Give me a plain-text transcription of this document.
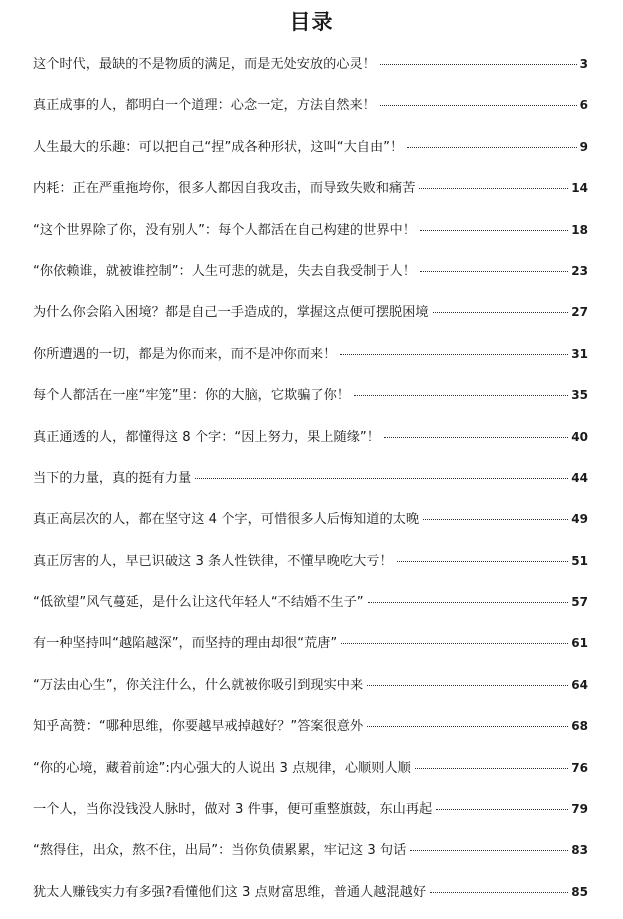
目录
这个时代，最缺的不是物质的满足，而是无处安放的心灵！	3
真正成事的人，都明白一个道理：心念一定，方法自然来！	6
人生最大的乐趣：可以把自己“捏”成各种形状，这叫“大自由”！	9
内耗：正在严重拖垮你，很多人都因自我攻击，而导致失败和痛苦	14
“这个世界除了你，没有别人”：每个人都活在自己构建的世界中！	18
“你依赖谁，就被谁控制”：人生可悲的就是，失去自我受制于人！	23
为什么你会陷入困境？都是自己一手造成的，掌握这点便可摆脱困境	27
你所遭遇的一切，都是为你而来，而不是冲你而来！	31
每个人都活在一座“牢笼”里：你的大脑，它欺骗了你！	35
真正通透的人，都懂得这 8 个字：“因上努力，果上随缘”！	40
当下的力量，真的挺有力量	44
真正高层次的人，都在坚守这 4 个字，可惜很多人后悔知道的太晚	49
真正厉害的人，早已识破这 3 条人性铁律，不懂早晚吃大亏！	51
“低欲望”风气蔓延，是什么让这代年轻人“不结婚不生子”	57
有一种坚持叫“越陷越深”，而坚持的理由却很“荒唐”	61
“万法由心生”，你关注什么，什么就被你吸引到现实中来	64
知乎高赞：“哪种思维，你要越早戒掉越好？”答案很意外	68
“你的心境，藏着前途”:内心强大的人说出 3 点规律，心顺则人顺	76
一个人，当你没钱没人脉时，做对 3 件事，便可重整旗鼓，东山再起	79
“熬得住，出众，熬不住，出局”：当你负债累累，牢记这 3 句话	83
犹太人赚钱实力有多强?看懂他们这 3 点财富思维，普通人越混越好	85
